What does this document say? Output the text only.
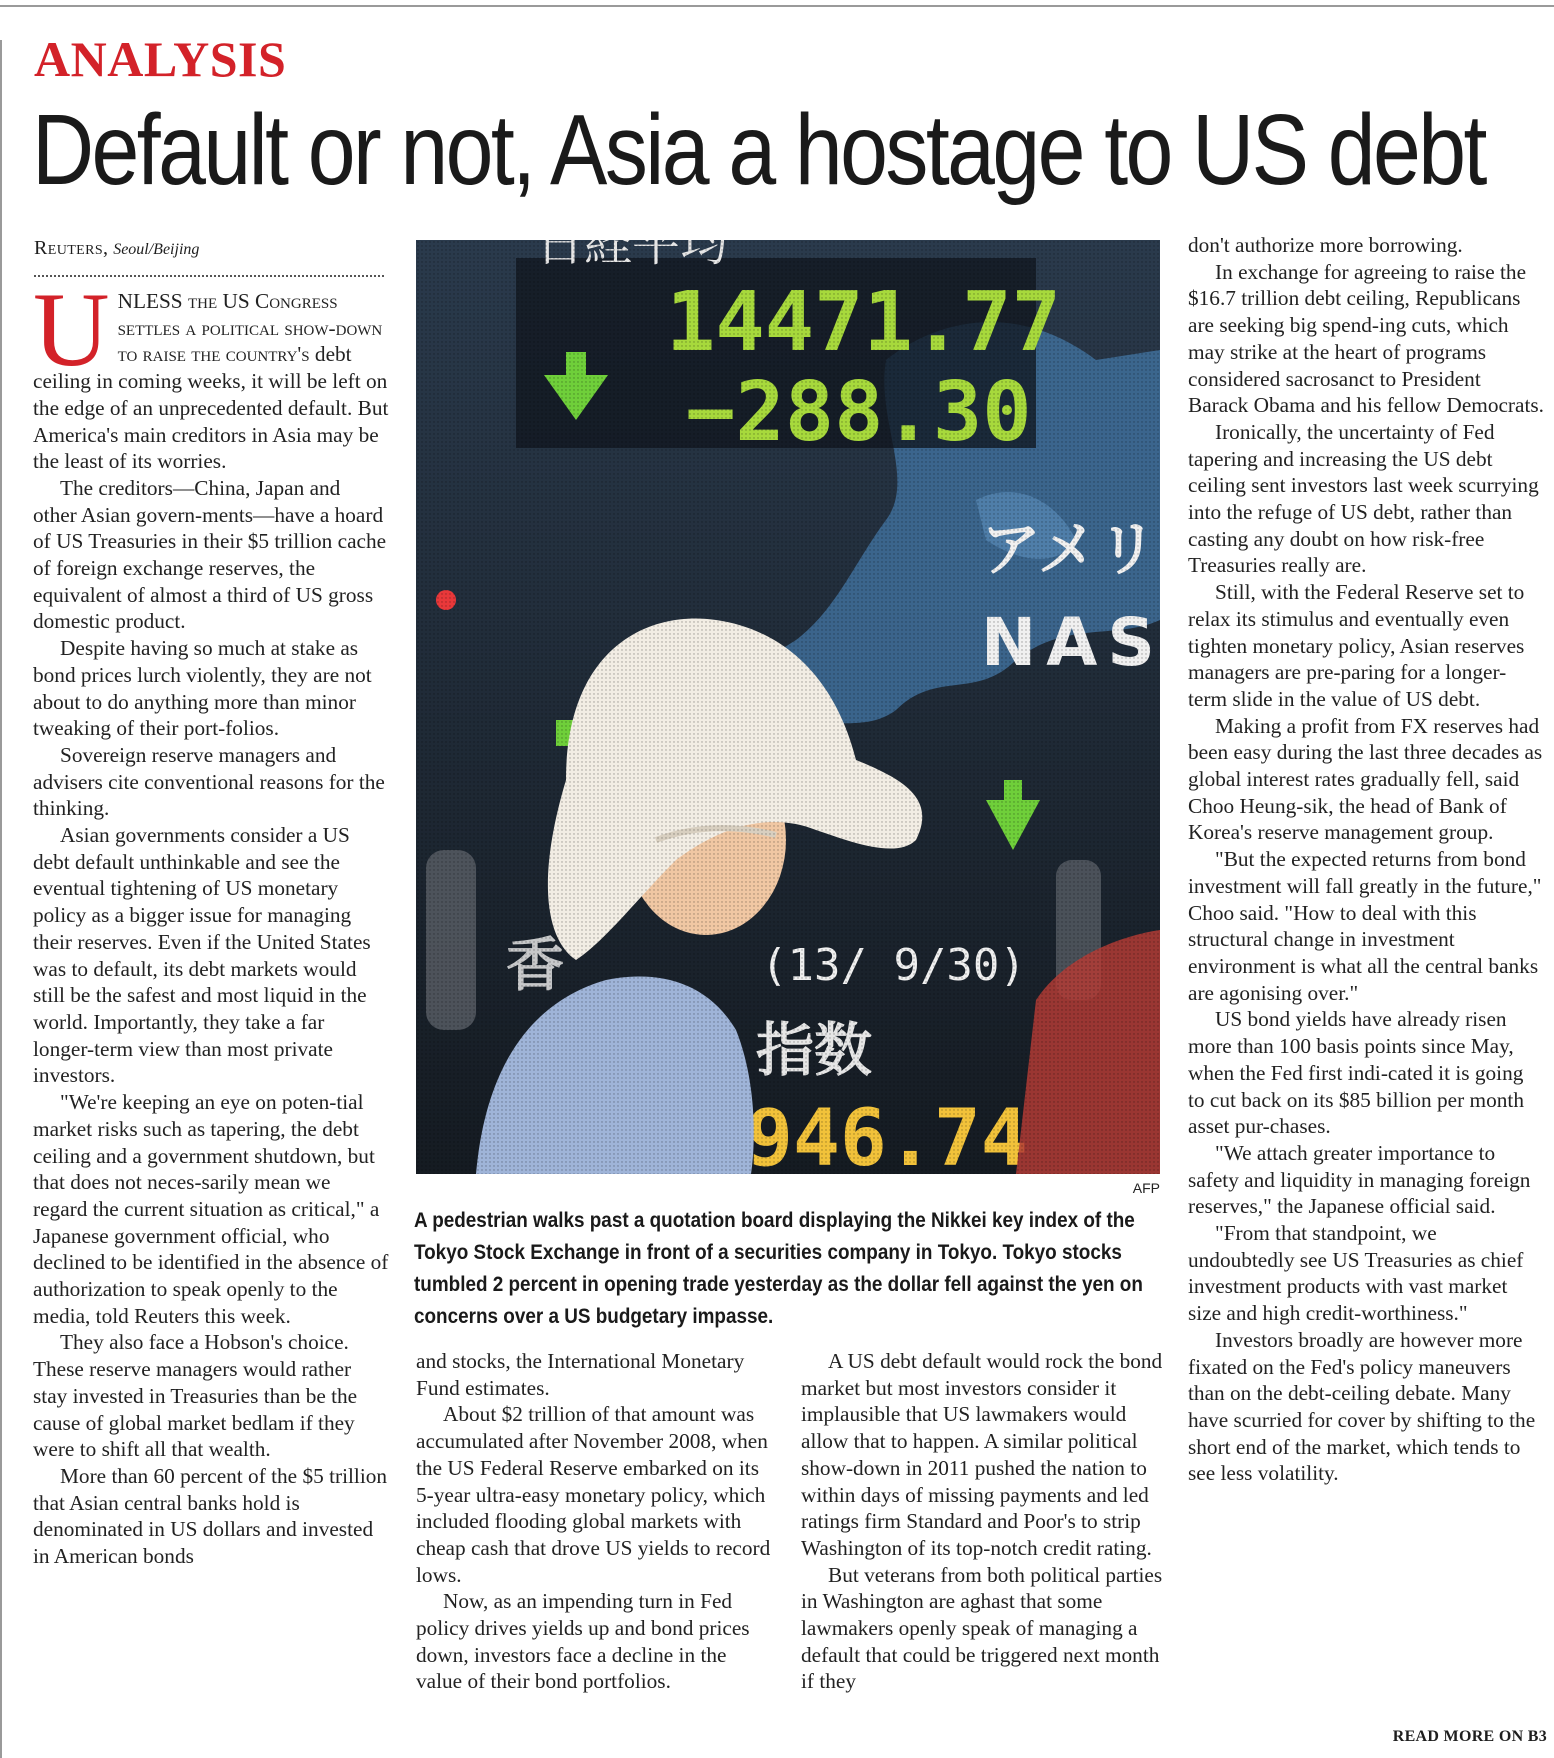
ANALYSIS
Default or not, Asia a hostage to US debt
Reuters, Seoul/Beijing

UNLESS the US Congress settles a political show-down to raise the country's debt ceiling in coming weeks, it will be left on the edge of an unprecedented default. But America's main creditors in Asia may be the least of its worries.

The creditors—China, Japan and other Asian govern-ments—have a hoard of US Treasuries in their $5 trillion cache of foreign exchange reserves, the equivalent of almost a third of US gross domestic product.

Despite having so much at stake as bond prices lurch violently, they are not about to do anything more than minor tweaking of their port-folios.

Sovereign reserve managers and advisers cite conventional reasons for the thinking.

Asian governments consider a US debt default unthinkable and see the eventual tightening of US monetary policy as a bigger issue for managing their reserves. Even if the United States was to default, its debt markets would still be the safest and most liquid in the world. Importantly, they take a far longer-term view than most private investors.

"We're keeping an eye on poten-tial market risks such as tapering, the debt ceiling and a government shutdown, but that does not neces-sarily mean we regard the current situation as critical," a Japanese government official, who declined to be identified in the absence of authorization to speak openly to the media, told Reuters this week.

They also face a Hobson's choice. These reserve managers would rather stay invested in Treasuries than be the cause of global market bedlam if they were to shift all that wealth.

More than 60 percent of the $5 trillion that Asian central banks hold is denominated in US dollars and invested in American bonds

AFP
A pedestrian walks past a quotation board displaying the Nikkei key index of the Tokyo Stock Exchange in front of a securities company in Tokyo. Tokyo stocks tumbled 2 percent in opening trade yesterday as the dollar fell against the yen on concerns over a US budgetary impasse.

and stocks, the International Monetary Fund estimates.

About $2 trillion of that amount was accumulated after November 2008, when the US Federal Reserve embarked on its 5-year ultra-easy monetary policy, which included flooding global markets with cheap cash that drove US yields to record lows.

Now, as an impending turn in Fed policy drives yields up and bond prices down, investors face a decline in the value of their bond portfolios.

A US debt default would rock the bond market but most investors consider it implausible that US lawmakers would allow that to happen. A similar political show-down in 2011 pushed the nation to within days of missing payments and led ratings firm Standard and Poor's to strip Washington of its top-notch credit rating.

But veterans from both political parties in Washington are aghast that some lawmakers openly speak of managing a default that could be triggered next month if they

don't authorize more borrowing.

In exchange for agreeing to raise the $16.7 trillion debt ceiling, Republicans are seeking big spend-ing cuts, which may strike at the heart of programs considered sacrosanct to President Barack Obama and his fellow Democrats.

Ironically, the uncertainty of Fed tapering and increasing the US debt ceiling sent investors last week scurrying into the refuge of US debt, rather than casting any doubt on how risk-free Treasuries really are.

Still, with the Federal Reserve set to relax its stimulus and eventually even tighten monetary policy, Asian reserves managers are pre-paring for a longer-term slide in the value of US debt.

Making a profit from FX reserves had been easy during the last three decades as global interest rates gradually fell, said Choo Heung-sik, the head of Bank of Korea's reserve management group.

"But the expected returns from bond investment will fall greatly in the future," Choo said. "How to deal with this structural change in investment environment is what all the central banks are agonising over."

US bond yields have already risen more than 100 basis points since May, when the Fed first indi-cated it is going to cut back on its $85 billion per month asset pur-chases.

"We attach greater importance to safety and liquidity in managing foreign reserves," the Japanese official said.

"From that standpoint, we undoubtedly see US Treasuries as chief investment products with vast market size and high credit-worthiness."

Investors broadly are however more fixated on the Fed's policy maneuvers than on the debt-ceiling debate. Many have scurried for cover by shifting to the short end of the market, which tends to see less volatility.

READ MORE ON B3
